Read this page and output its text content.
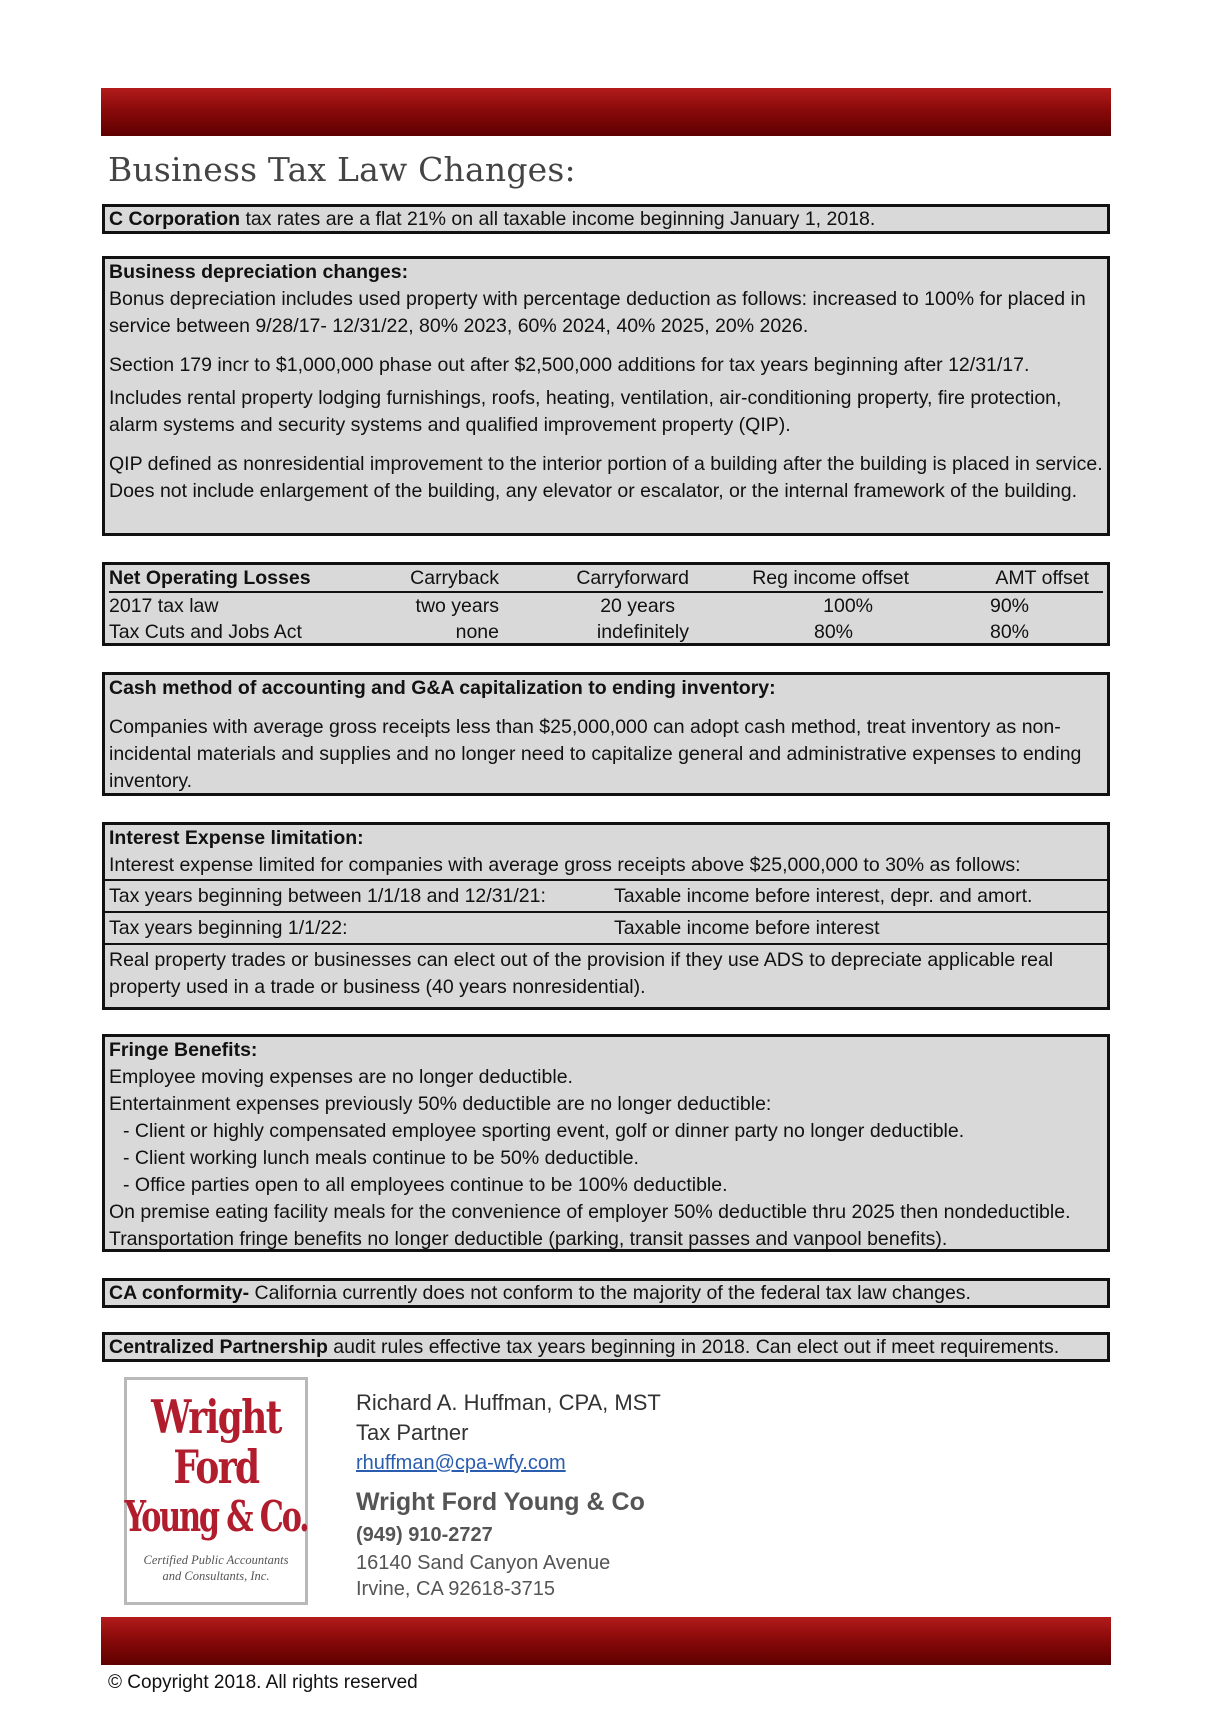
Business Tax Law Changes:
C Corporation tax rates are a flat 21% on all taxable income beginning January 1, 2018.

Business depreciation changes:

Bonus depreciation includes used property with percentage deduction as follows: increased to 100% for placed in service between 9/28/17- 12/31/22, 80% 2023, 60% 2024, 40% 2025, 20% 2026.

Section 179 incr to $1,000,000 phase out after $2,500,000 additions for tax years beginning after 12/31/17.

Includes rental property lodging furnishings, roofs, heating, ventilation, air-conditioning property, fire protection, alarm systems and security systems and qualified improvement property (QIP).

QIP defined as nonresidential improvement to the interior portion of a building after the building is placed in service. Does not include enlargement of the building, any elevator or escalator, or the internal framework of the building.

Net Operating Losses	Carryback	Carryforward	Reg income offset	AMT offset
2017 tax law	two years	20 years	100%	90%
Tax Cuts and Jobs Act	none	indefinitely	80%	80%

Cash method of accounting and G&A capitalization to ending inventory:

Companies with average gross receipts less than $25,000,000 can adopt cash method, treat inventory as non-incidental materials and supplies and no longer need to capitalize general and administrative expenses to ending inventory.

Interest Expense limitation:

Interest expense limited for companies with average gross receipts above $25,000,000 to 30% as follows:

Tax years beginning between 1/1/18 and 12/31/21:	Taxable income before interest, depr. and amort.
Tax years beginning 1/1/22:	Taxable income before interest

Real property trades or businesses can elect out of the provision if they use ADS to depreciate applicable real property used in a trade or business (40 years nonresidential).

Fringe Benefits:

Employee moving expenses are no longer deductible.

Entertainment expenses previously 50% deductible are no longer deductible:

- Client or highly compensated employee sporting event, golf or dinner party no longer deductible.

- Client working lunch meals continue to be 50% deductible.

- Office parties open to all employees continue to be 100% deductible.

On premise eating facility meals for the convenience of employer 50% deductible thru 2025 then nondeductible.

Transportation fringe benefits no longer deductible (parking, transit passes and vanpool benefits).

CA conformity- California currently does not conform to the majority of the federal tax law changes.
Centralized Partnership audit rules effective tax years beginning in 2018. Can elect out if meet requirements.
Wright
Ford
Young & Co.
Certified Public Accountants
and Consultants, Inc.
Richard A. Huffman, CPA, MST
Tax Partner
rhuffman@cpa-wfy.com
Wright Ford Young & Co
(949) 910-2727
16140 Sand Canyon Avenue
Irvine, CA 92618-3715
© Copyright 2018. All rights reserved
